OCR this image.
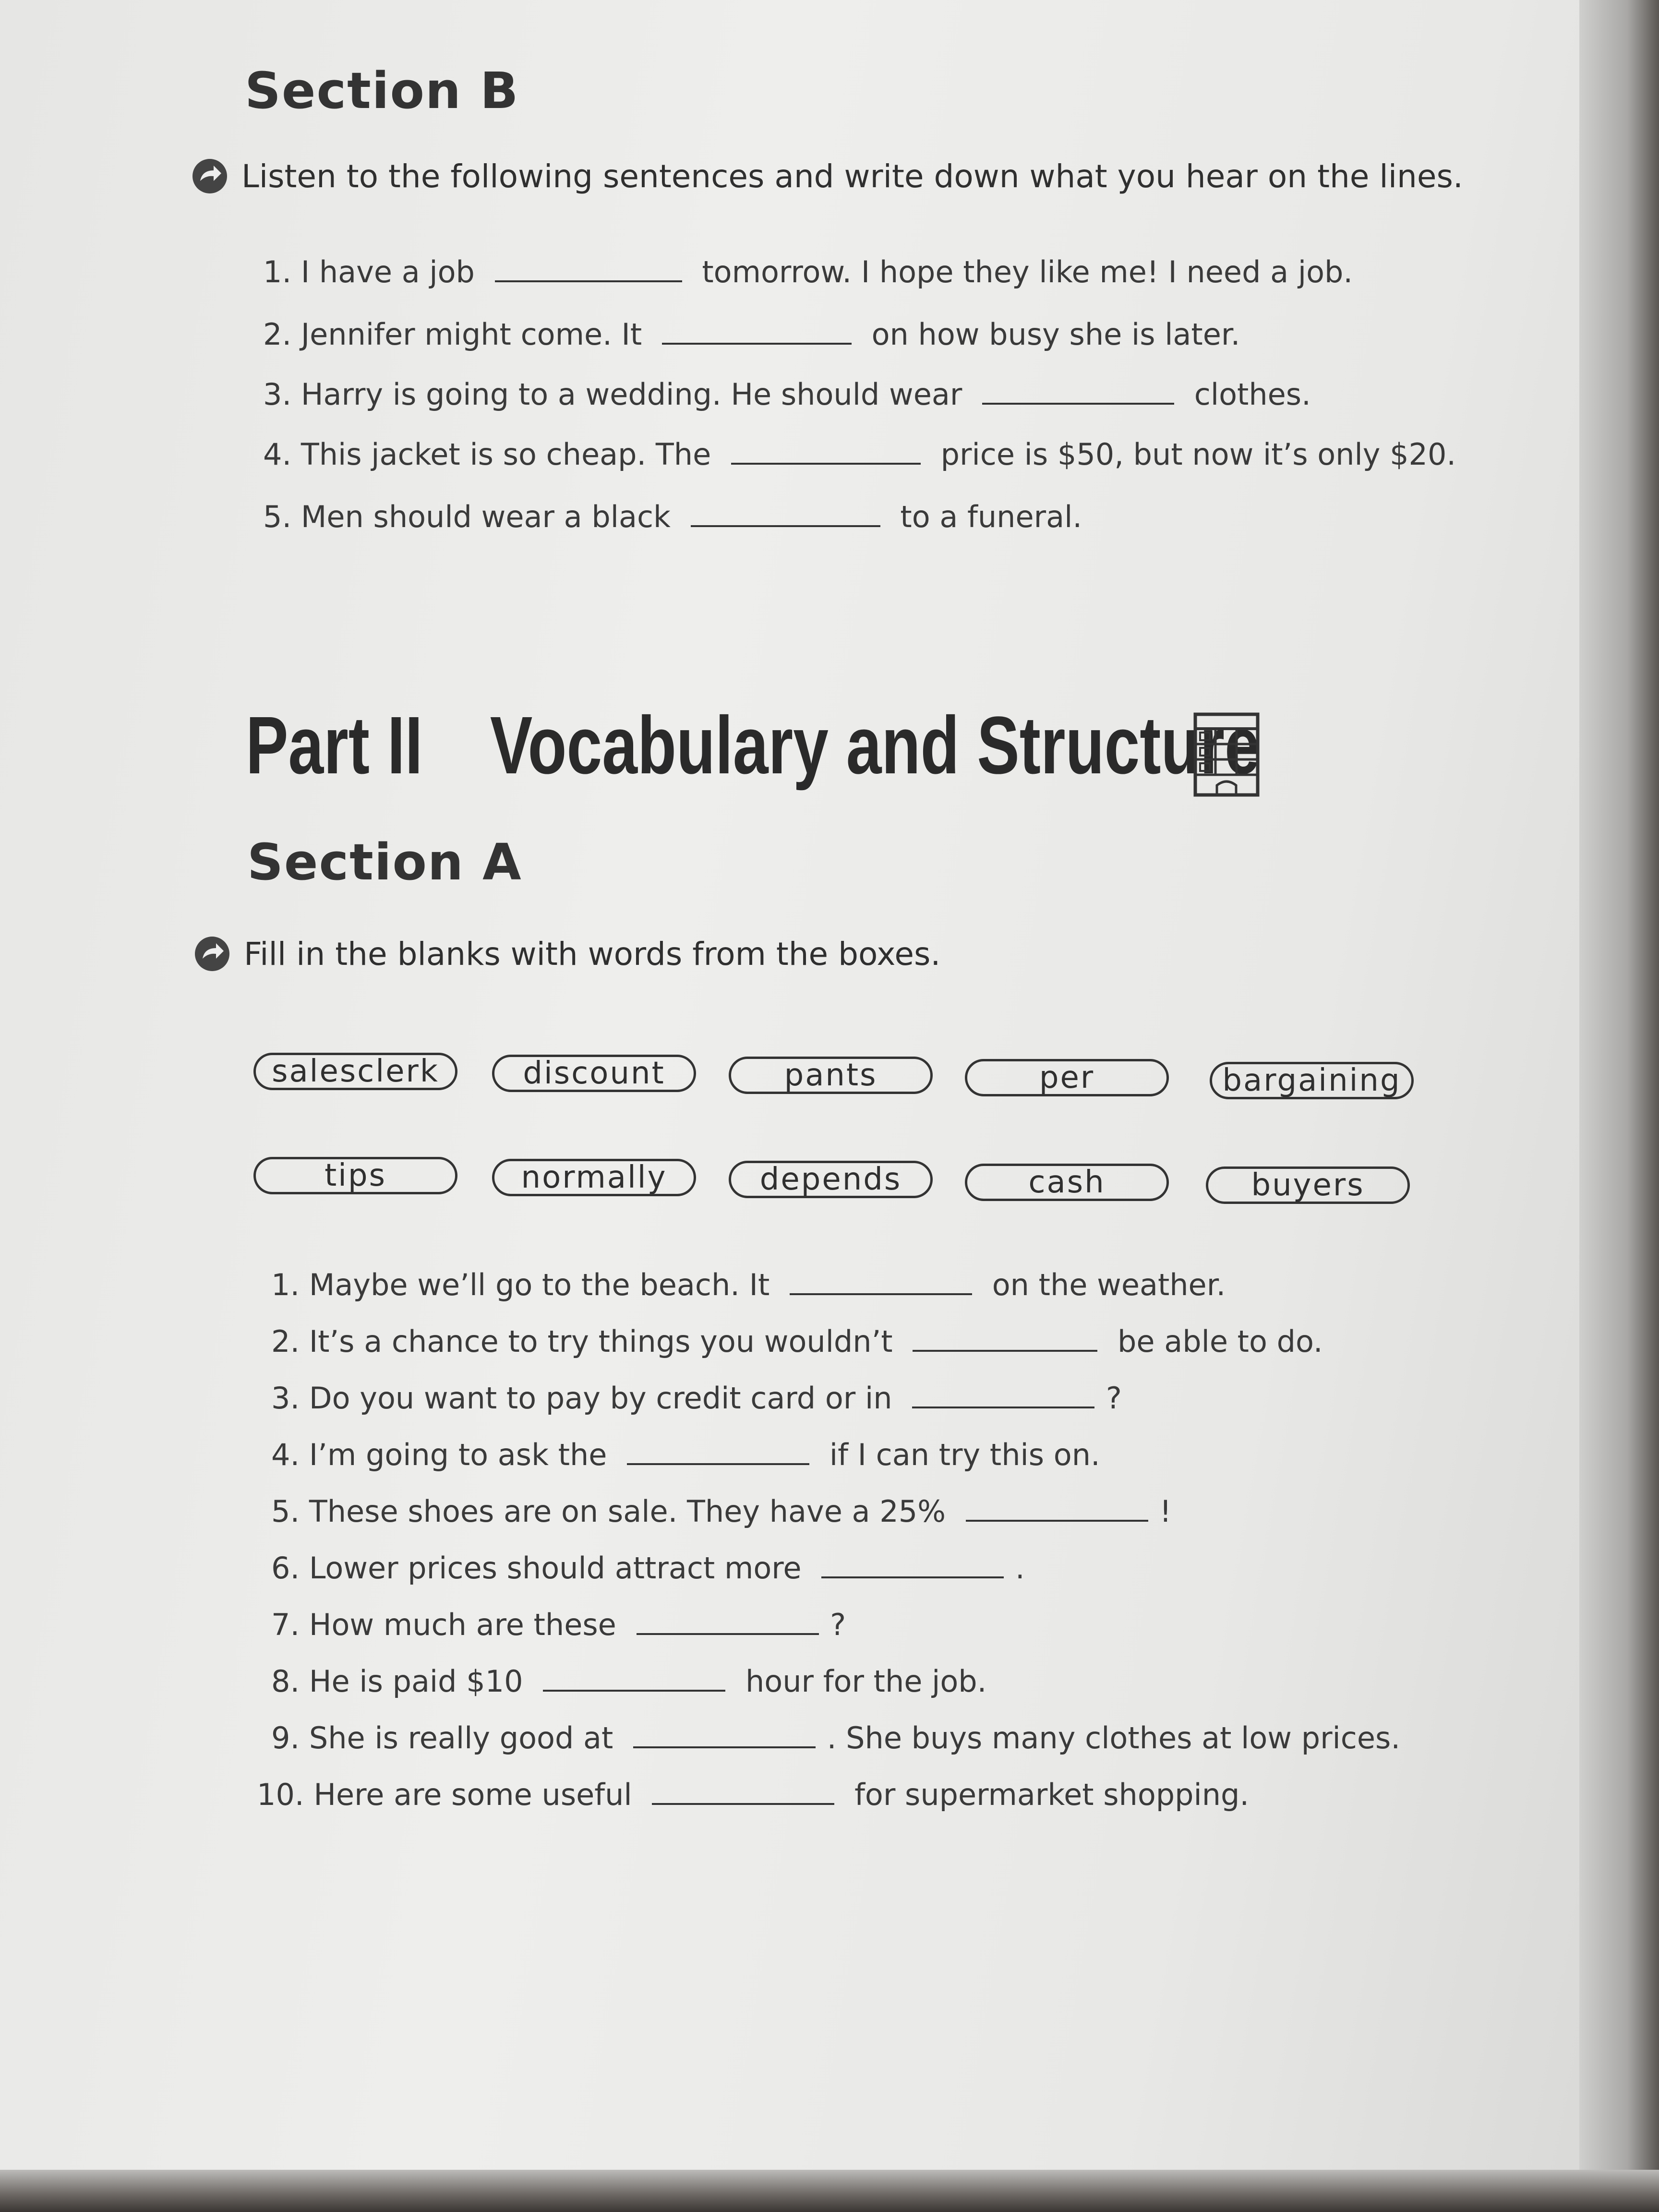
Section B
Listen to the following sentences and write down what you hear on the lines.
1. I have a job	tomorrow. I hope they like me! I need a job.
2. Jennifer might come. It	on how busy she is later.
3. Harry is going to a wedding. He should wear	clothes.
4. This jacket is so cheap. The	price is $50, but now it’s only $20.
5. Men should wear a black	to a funeral.
Part II Vocabulary and Structure
Section A
Fill in the blanks with words from the boxes.
salesclerk	discount	pants	per	bargaining
tips	normally	depends	cash	buyers
1. Maybe we’ll go to the beach. It	on the weather.
2. It’s a chance to try things you wouldn’t	be able to do.
3. Do you want to pay by credit card or in	?
4. I’m going to ask the	if I can try this on.
5. These shoes are on sale. They have a 25%	!
6. Lower prices should attract more	.
7. How much are these	?
8. He is paid $10	hour for the job.
9. She is really good at	. She buys many clothes at low prices.
10. Here are some useful	for supermarket shopping.
